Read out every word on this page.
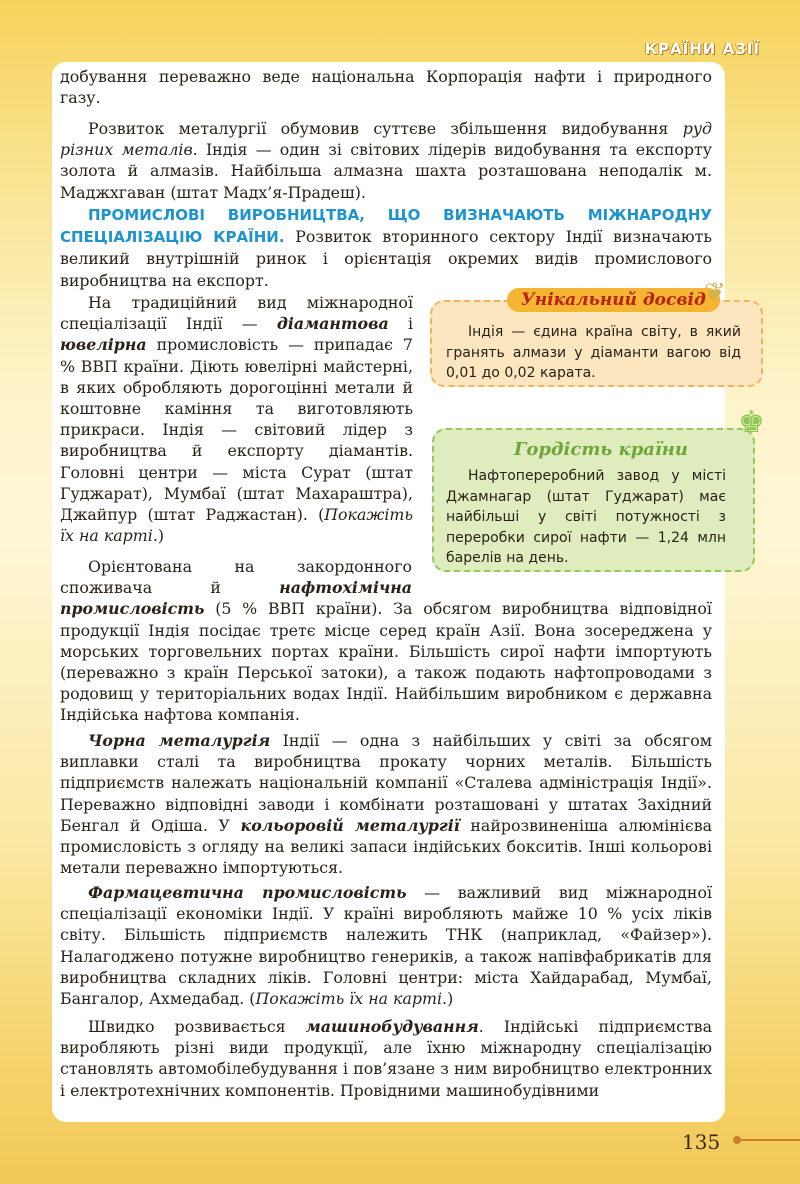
КРАЇНИ АЗІЇ

добування переважно веде національна Корпорація нафти і природного газу.

Розвиток металургії обумовив суттєве збільшення видобування руд різних металів. Індія — один зі світових лідерів видобування та експорту золота й алмазів. Найбільша алмазна шахта розташована неподалік м. Маджхгаван (штат Мадх’я-Прадеш).

ПРОМИСЛОВІ ВИРОБНИЦТВА, ЩО ВИЗНАЧАЮТЬ МІЖНАРОДНУ СПЕЦІАЛІЗАЦІЮ КРАЇНИ. Розвиток вторинного сектору Індії визначають великий внутрішній ринок і орієнтація окремих видів промислового виробництва на експорт.

На традиційний вид міжнародної спеціалізації Індії — діамантова і ювелірна промисловість — припадає 7 % ВВП країни. Діють ювелірні майстерні, в яких обробляють дорогоцінні метали й коштовне каміння та виготовляють прикраси. Індія — світовий лідер з виробництва й експорту діамантів. Головні центри — міста Сурат (штат Гуджарат), Мумбаї (штат Махараштра), Джайпур (штат Раджастан). (Покажіть їх на карті.)

Орієнтована на закордонного споживача й нафтохімічна промисловість (5 % ВВП країни). За обсягом виробництва відповідної продукції Індія посідає третє місце серед країн Азії. Вона зосереджена у морських торговельних портах країни. Більшість сирої нафти імпортують (переважно з країн Перської затоки), а також подають нафтопроводами з родовищ у територіальних водах Індії. Найбільшим виробником є державна Індійська нафтова компанія.

Чорна металургія Індії — одна з найбільших у світі за обсягом виплавки сталі та виробництва прокату чорних металів. Більшість підприємств належать національній компанії «Сталева адміністрація Індії». Переважно відповідні заводи і комбінати розташовані у штатах Західний Бенгал й Одіша. У кольоровій металургії найрозвиненіша алюмінієва промисловість з огляду на великі запаси індійських бокситів. Інші кольорові метали переважно імпортуються.

Фармацевтична промисловість — важливий вид міжнародної спеціалізації економіки Індії. У країні виробляють майже 10 % усіх ліків світу. Більшість підприємств належить ТНК (наприклад, «Файзер»). Налагоджено потужне виробництво генериків, а також напівфабрикатів для виробництва складних ліків. Головні центри: міста Хайдарабад, Мумбаї, Бангалор, Ахмедабад. (Покажіть їх на карті.)

Швидко розвивається машинобудування. Індійські підприємства виробляють різні види продукції, але їхню міжнародну спеціалізацію становлять автомобілебудування і пов’язане з ним виробництво електронних і електротехнічних компонентів. Провідними машинобудівними

Індія — єдина країна світу, в який гранять алмази у діаманти вагою від 0,01 до 0,02 карата.
Унікальний досвід
❦
Нафтопереробний завод у місті Джамнагар (штат Гуджарат) має найбільші у світі потужності з переробки сирої нафти — 1,24 млн барелів на день.
Гордість країни
♚
135
